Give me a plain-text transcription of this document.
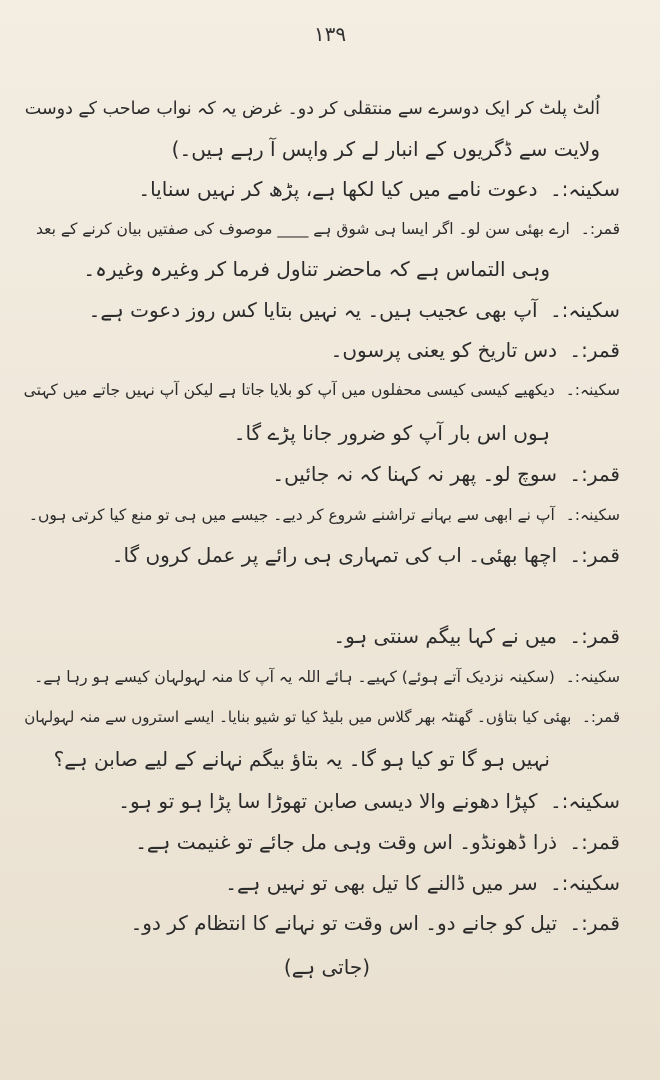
۱۳۹
اُلٹ پلٹ کر ایک دوسرے سے منتقلی کر دو۔ غرض یہ کہ نواب صاحب کے دوست
ولایت سے ڈگریوں کے انبار لے کر واپس آ رہے ہیں۔)
سکینہ:۔ دعوت نامے میں کیا لکھا ہے، پڑھ کر نہیں سنایا۔
قمر:۔ ارے بھئی سن لو۔ اگر ایسا ہی شوق ہے ____ موصوف کی صفتیں بیان کرنے کے بعد
وہی التماس ہے کہ ماحضر تناول فرما کر وغیرہ وغیرہ۔
سکینہ:۔ آپ بھی عجیب ہیں۔ یہ نہیں بتایا کس روز دعوت ہے۔
قمر:۔ دس تاریخ کو یعنی پرسوں۔
سکینہ:۔ دیکھیے کیسی کیسی محفلوں میں آپ کو بلایا جاتا ہے لیکن آپ نہیں جاتے میں کہتی
ہوں اس بار آپ کو ضرور جانا پڑے گا۔
قمر:۔ سوچ لو۔ پھر نہ کہنا کہ نہ جائیں۔
سکینہ:۔ آپ نے ابھی سے بہانے تراشنے شروع کر دیے۔ جیسے میں ہی تو منع کیا کرتی ہوں۔
قمر:۔ اچھا بھئی۔ اب کی تمہاری ہی رائے پر عمل کروں گا۔
قمر:۔ میں نے کہا بیگم سنتی ہو۔
سکینہ:۔ (سکینہ نزدیک آتے ہوئے) کہیے۔ ہائے اللہ یہ آپ کا منہ لہولہان کیسے ہو رہا ہے۔
قمر:۔ بھئی کیا بتاؤں۔ گھنٹہ بھر گلاس میں بلیڈ کیا تو شیو بنایا۔ ایسے استروں سے منہ لہولہان
نہیں ہو گا تو کیا ہو گا۔ یہ بتاؤ بیگم نہانے کے لیے صابن ہے؟
سکینہ:۔ کپڑا دھونے والا دیسی صابن تھوڑا سا پڑا ہو تو ہو۔
قمر:۔ ذرا ڈھونڈو۔ اس وقت وہی مل جائے تو غنیمت ہے۔
سکینہ:۔ سر میں ڈالنے کا تیل بھی تو نہیں ہے۔
قمر:۔ تیل کو جانے دو۔ اس وقت تو نہانے کا انتظام کر دو۔
(جاتی ہے)
